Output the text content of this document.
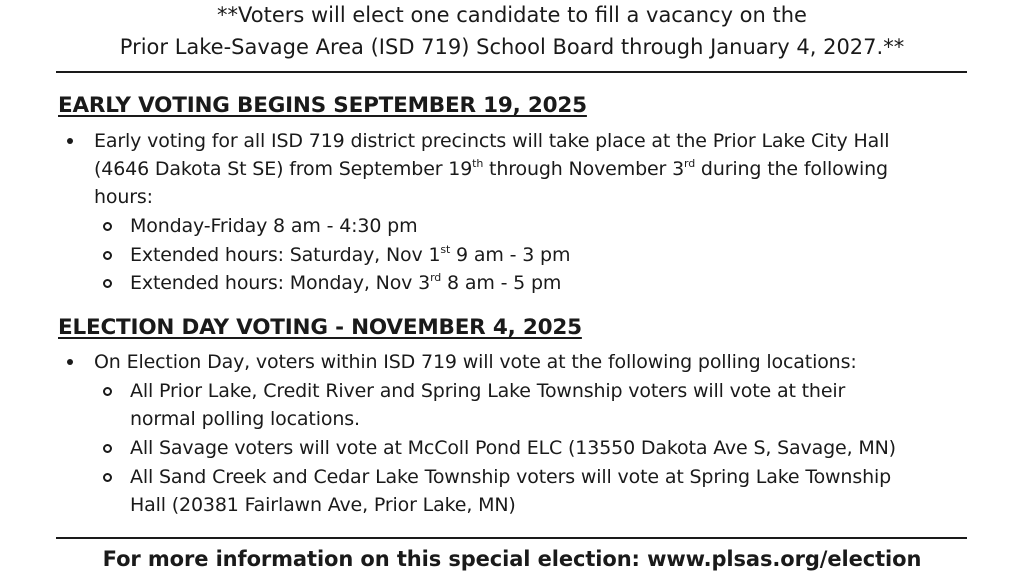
**Voters will elect one candidate to fill a vacancy on the
Prior Lake-Savage Area (ISD 719) School Board through January 4, 2027.**
EARLY VOTING BEGINS SEPTEMBER 19, 2025
Early voting for all ISD 719 district precincts will take place at the Prior Lake City Hall
(4646 Dakota St SE) from September 19th through November 3rd during the following
hours:
Monday-Friday 8 am - 4:30 pm
Extended hours: Saturday, Nov 1st 9 am - 3 pm
Extended hours: Monday, Nov 3rd 8 am - 5 pm
ELECTION DAY VOTING - NOVEMBER 4, 2025
On Election Day, voters within ISD 719 will vote at the following polling locations:
All Prior Lake, Credit River and Spring Lake Township voters will vote at their
normal polling locations.
All Savage voters will vote at McColl Pond ELC (13550 Dakota Ave S, Savage, MN)
All Sand Creek and Cedar Lake Township voters will vote at Spring Lake Township
Hall (20381 Fairlawn Ave, Prior Lake, MN)
For more information on this special election: www.plsas.org/election
